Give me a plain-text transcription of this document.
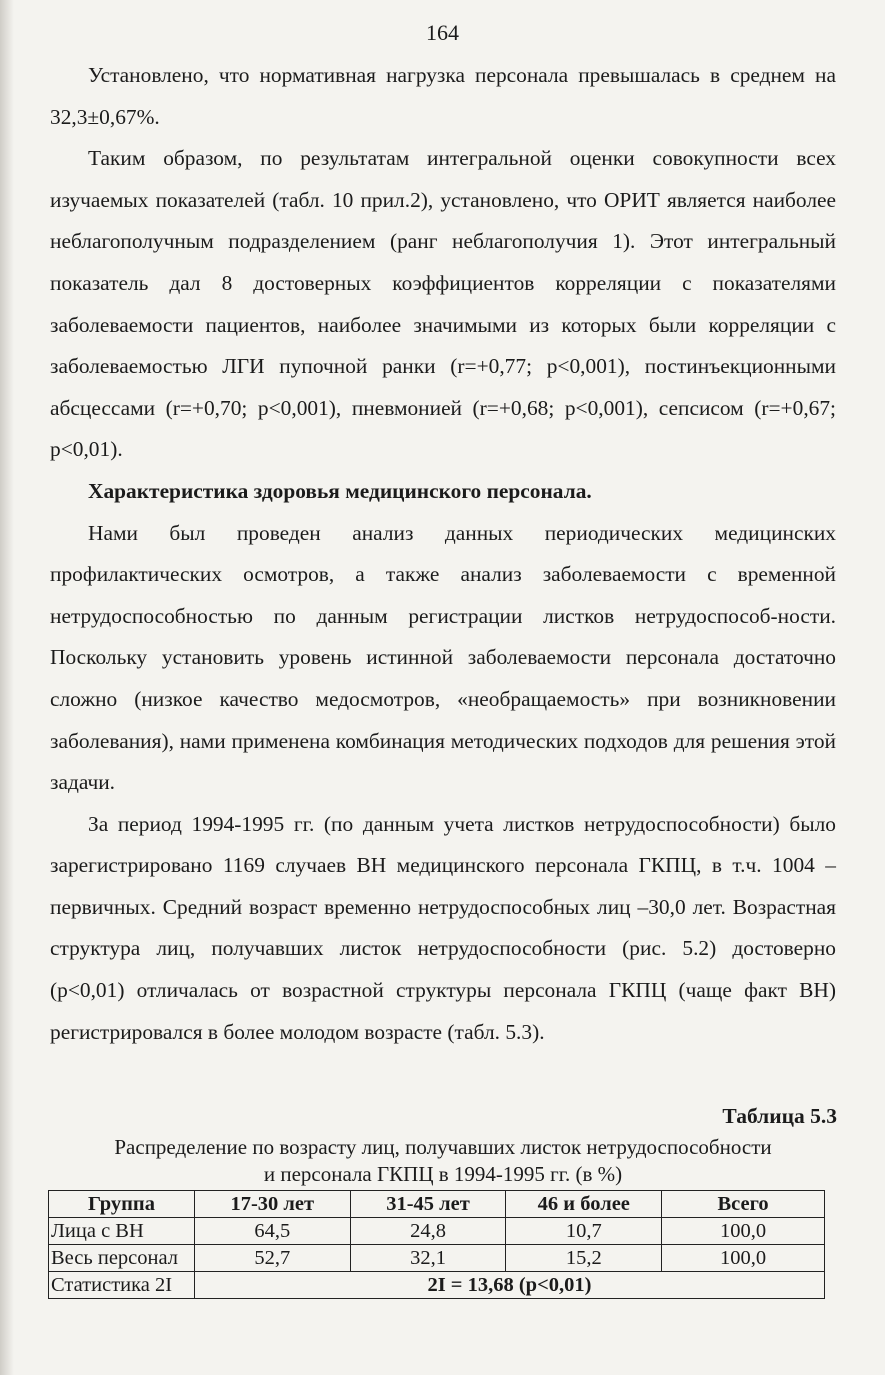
164

Установлено, что нормативная нагрузка персонала превышалась в среднем на 32,3±0,67%.

Таким образом, по результатам интегральной оценки совокупности всех изучаемых показателей (табл. 10 прил.2), установлено, что ОРИТ является наиболее неблагополучным подразделением (ранг неблагополучия 1). Этот интегральный показатель дал 8 достоверных коэффициентов корреляции с показателями заболеваемости пациентов, наиболее значимыми из которых были корреляции с заболеваемостью ЛГИ пупочной ранки (r=+0,77; p<0,001), постинъекционными абсцессами (r=+0,70; p<0,001), пневмонией (r=+0,68; p<0,001), сепсисом (r=+0,67; p<0,01).

Характеристика здоровья медицинского персонала.

Нами был проведен анализ данных периодических медицинских профилактических осмотров, а также анализ заболеваемости с временной нетрудоспособностью по данным регистрации листков нетрудоспособ-ности. Поскольку установить уровень истинной заболеваемости персонала достаточно сложно (низкое качество медосмотров, «необращаемость» при возникновении заболевания), нами применена комбинация методических подходов для решения этой задачи.

За период 1994-1995 гг. (по данным учета листков нетрудоспособности) было зарегистрировано 1169 случаев ВН медицинского персонала ГКПЦ, в т.ч. 1004 – первичных. Средний возраст временно нетрудоспособных лиц –30,0 лет. Возрастная структура лиц, получавших листок нетрудоспособности (рис. 5.2) достоверно (p<0,01) отличалась от возрастной структуры персонала ГКПЦ (чаще факт ВН) регистрировался в более молодом возрасте (табл. 5.3).

Таблица 5.3
Распределение по возрасту лиц, получавших листок нетрудоспособности
и персонала ГКПЦ в 1994-1995 гг. (в %)
Группа	17-30 лет	31-45 лет	46 и более	Всего
Лица с ВН	64,5	24,8	10,7	100,0
Весь персонал	52,7	32,1	15,2	100,0
Статистика 2I	2I = 13,68 (p<0,01)			
